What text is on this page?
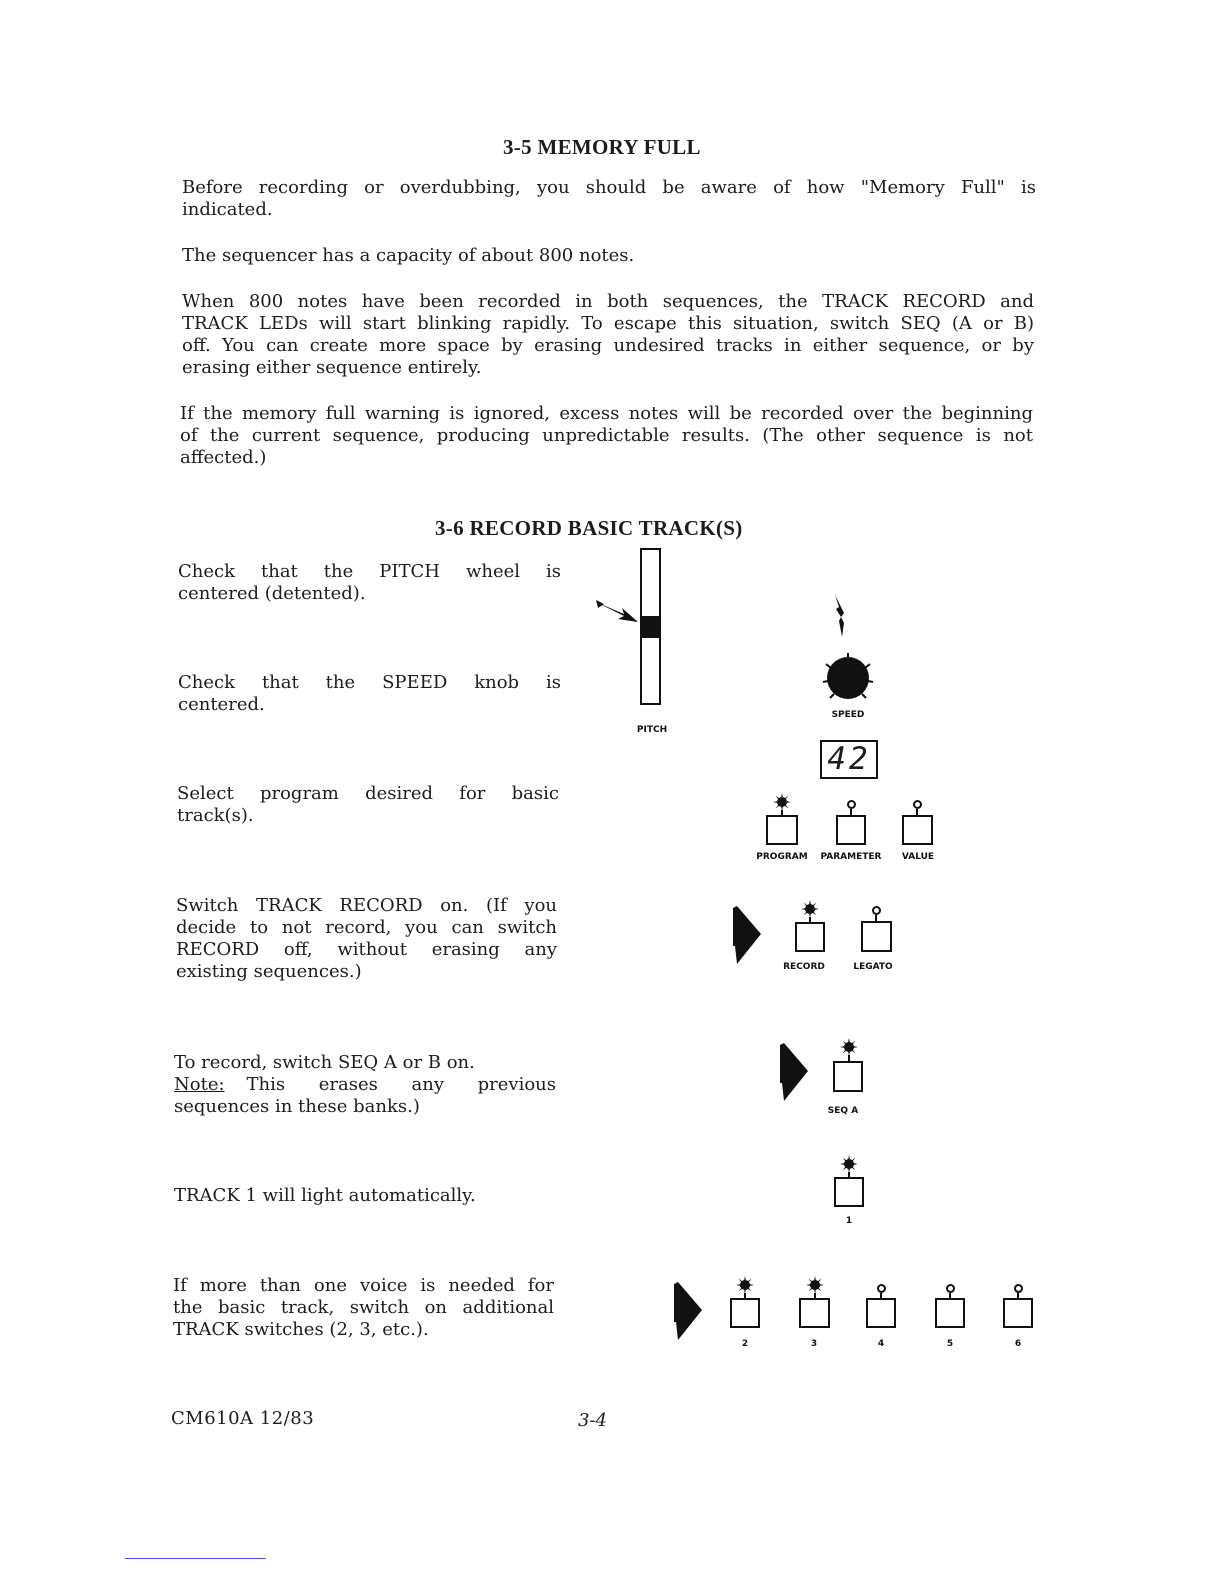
3-5 MEMORY FULL
Before recording or overdubbing, you should be aware of how "Memory Full" is
indicated.
The sequencer has a capacity of about 800 notes.
When 800 notes have been recorded in both sequences, the TRACK RECORD and
TRACK LEDs will start blinking rapidly. To escape this situation, switch SEQ (A or B)
off. You can create more space by erasing undesired tracks in either sequence, or by
erasing either sequence entirely.
If the memory full warning is ignored, excess notes will be recorded over the beginning
of the current sequence, producing unpredictable results. (The other sequence is not
affected.)
3-6 RECORD BASIC TRACK(S)
Check that the PITCH wheel is
centered (detented).
Check that the SPEED knob is
centered.
Select program desired for basic
track(s).
Switch TRACK RECORD on. (If you
decide to not record, you can switch
RECORD off, without erasing any
existing sequences.)
To record, switch SEQ A or B on.
Note: This erases any previous
sequences in these banks.)
TRACK 1 will light automatically.
If more than one voice is needed for
the basic track, switch on additional
TRACK switches (2, 3, etc.).
PITCH
SPEED
42
PROGRAM	PARAMETER	VALUE
RECORD	LEGATO
SEQ A
1
2	3	4	5	6
CM610A 12/83	3-4
